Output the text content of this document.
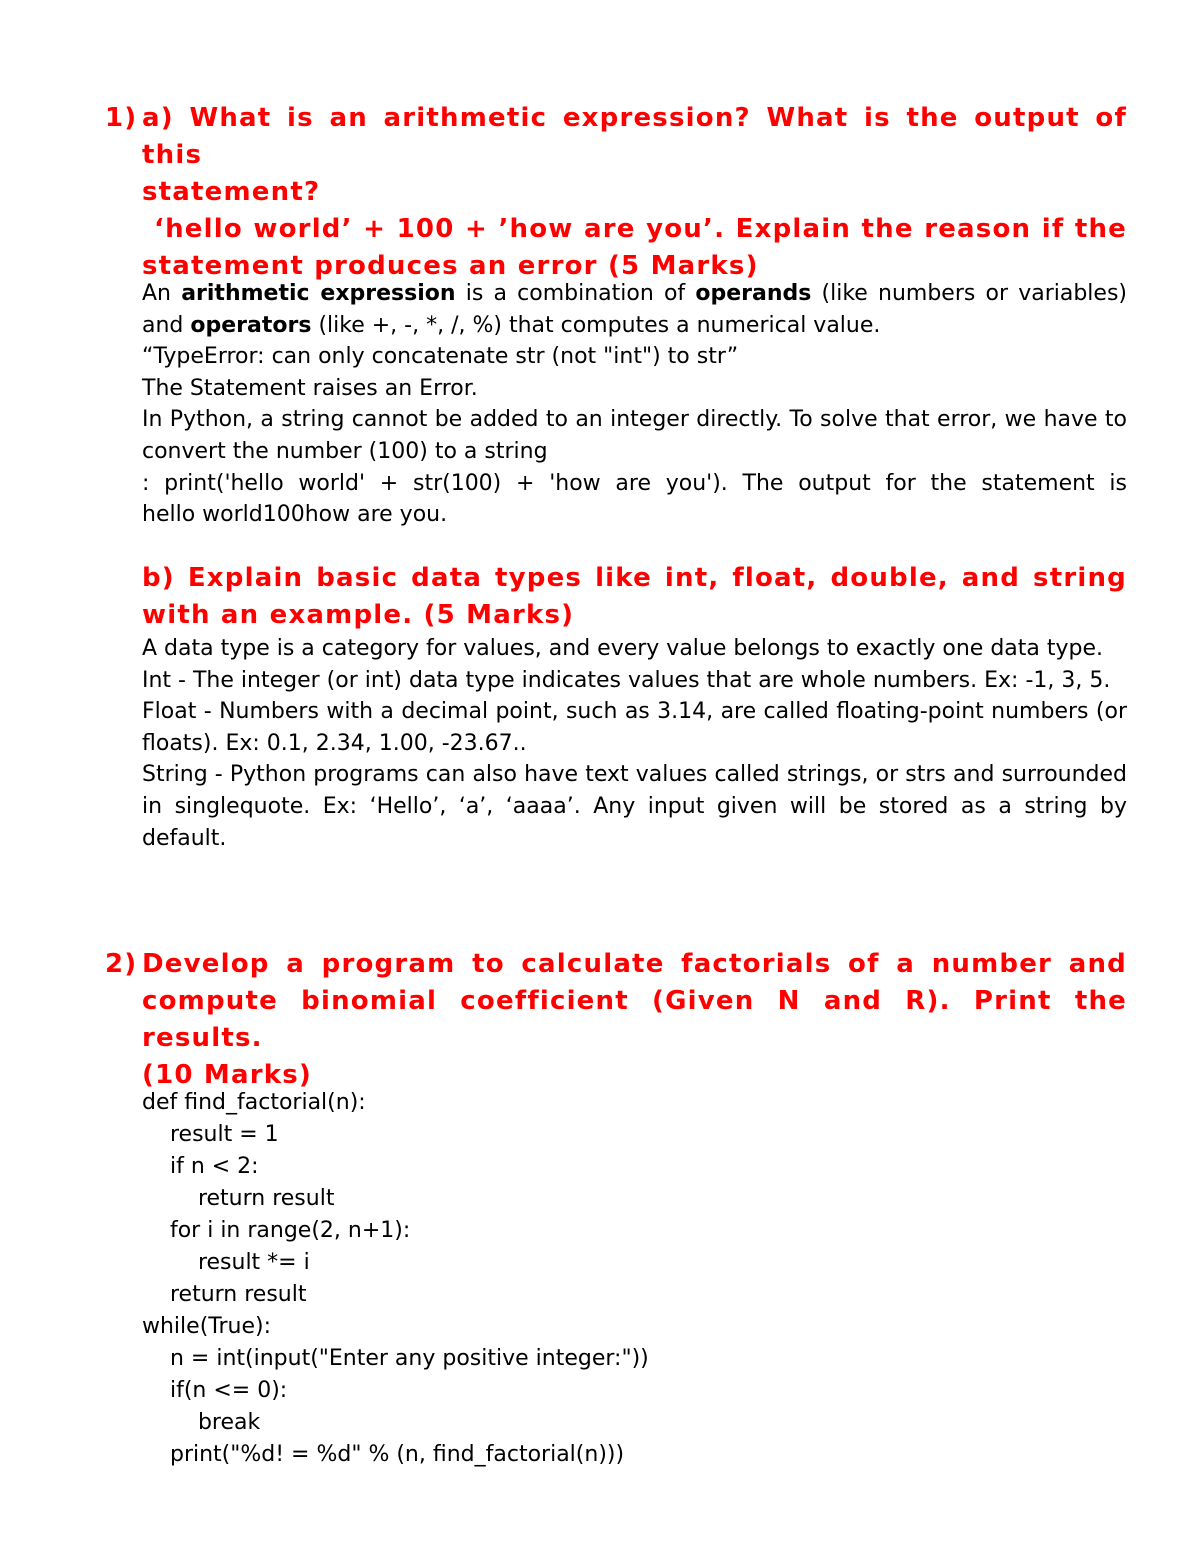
1) a) What is an arithmetic expression? What is the output of this
statement?
‘hello world’ + 100 + ’how are you’. Explain the reason if the
statement produces an error (5 Marks)

An arithmetic expression is a combination of operands (like numbers or variables) and operators (like +, -, *, /, %) that computes a numerical value.

“TypeError: can only concatenate str (not "int") to str”

The Statement raises an Error.

In Python, a string cannot be added to an integer directly. To solve that error, we have to convert the number (100) to a string

: print('hello world' + str(100) + 'how are you'). The output for the statement is

hello world100how are you.

b) Explain basic data types like int, float, double, and string with an example. (5 Marks)

A data type is a category for values, and every value belongs to exactly one data type.

Int - The integer (or int) data type indicates values that are whole numbers. Ex: -1, 3, 5.

Float - Numbers with a decimal point, such as 3.14, are called floating-point numbers (or floats). Ex: 0.1, 2.34, 1.00, -23.67..

String - Python programs can also have text values called strings, or strs and surrounded in singlequote. Ex: ‘Hello’, ‘a’, ‘aaaa’. Any input given will be stored as a string by default.

2) Develop a program to calculate factorials of a number and
compute binomial coefficient (Given N and R). Print the results.
(10 Marks)
def find_factorial(n):
result = 1
if n < 2:
return result
for i in range(2, n+1):
result *= i
return result
while(True):
n = int(input("Enter any positive integer:"))
if(n <= 0):
break
print("%d! = %d" % (n, find_factorial(n)))
